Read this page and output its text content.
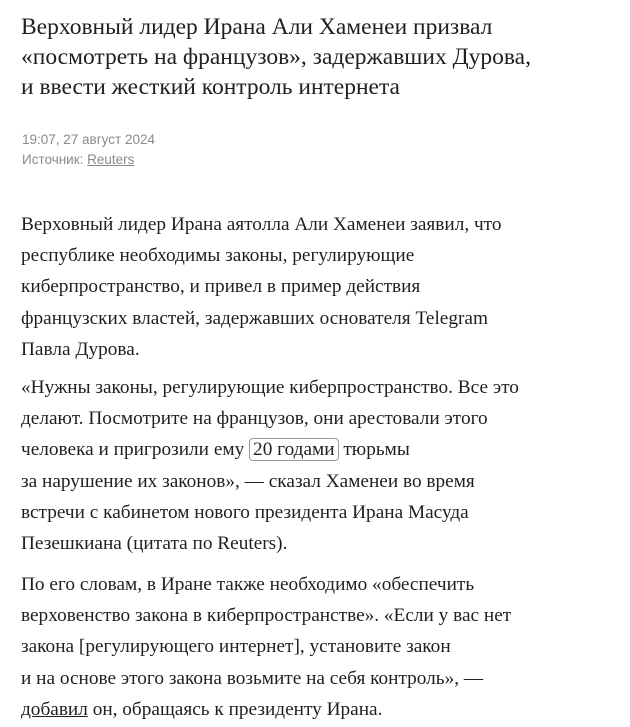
Верховный лидер Ирана Али Хаменеи призвал
«посмотреть на французов», задержавших Дурова,
и ввести жесткий контроль интернета
19:07, 27 август 2024
Источник: Reuters

Верховный лидер Ирана аятолла Али Хаменеи заявил, что
республике необходимы законы, регулирующие
киберпространство, и привел в пример действия
французских властей, задержавших основателя Telegram
Павла Дурова.

«Нужны законы, регулирующие киберпространство. Все это
делают. Посмотрите на французов, они арестовали этого
человека и пригрозили ему 20 годами тюрьмы
за нарушение их законов», — сказал Хаменеи во время
встречи с кабинетом нового президента Ирана Масуда
Пезешкиана (цитата по Reuters).

По его словам, в Иране также необходимо «обеспечить
верховенство закона в киберпространстве». «Если у вас нет
закона [регулирующего интернет], установите закон
и на основе этого закона возьмите на себя контроль», —
добавил он, обращаясь к президенту Ирана.
